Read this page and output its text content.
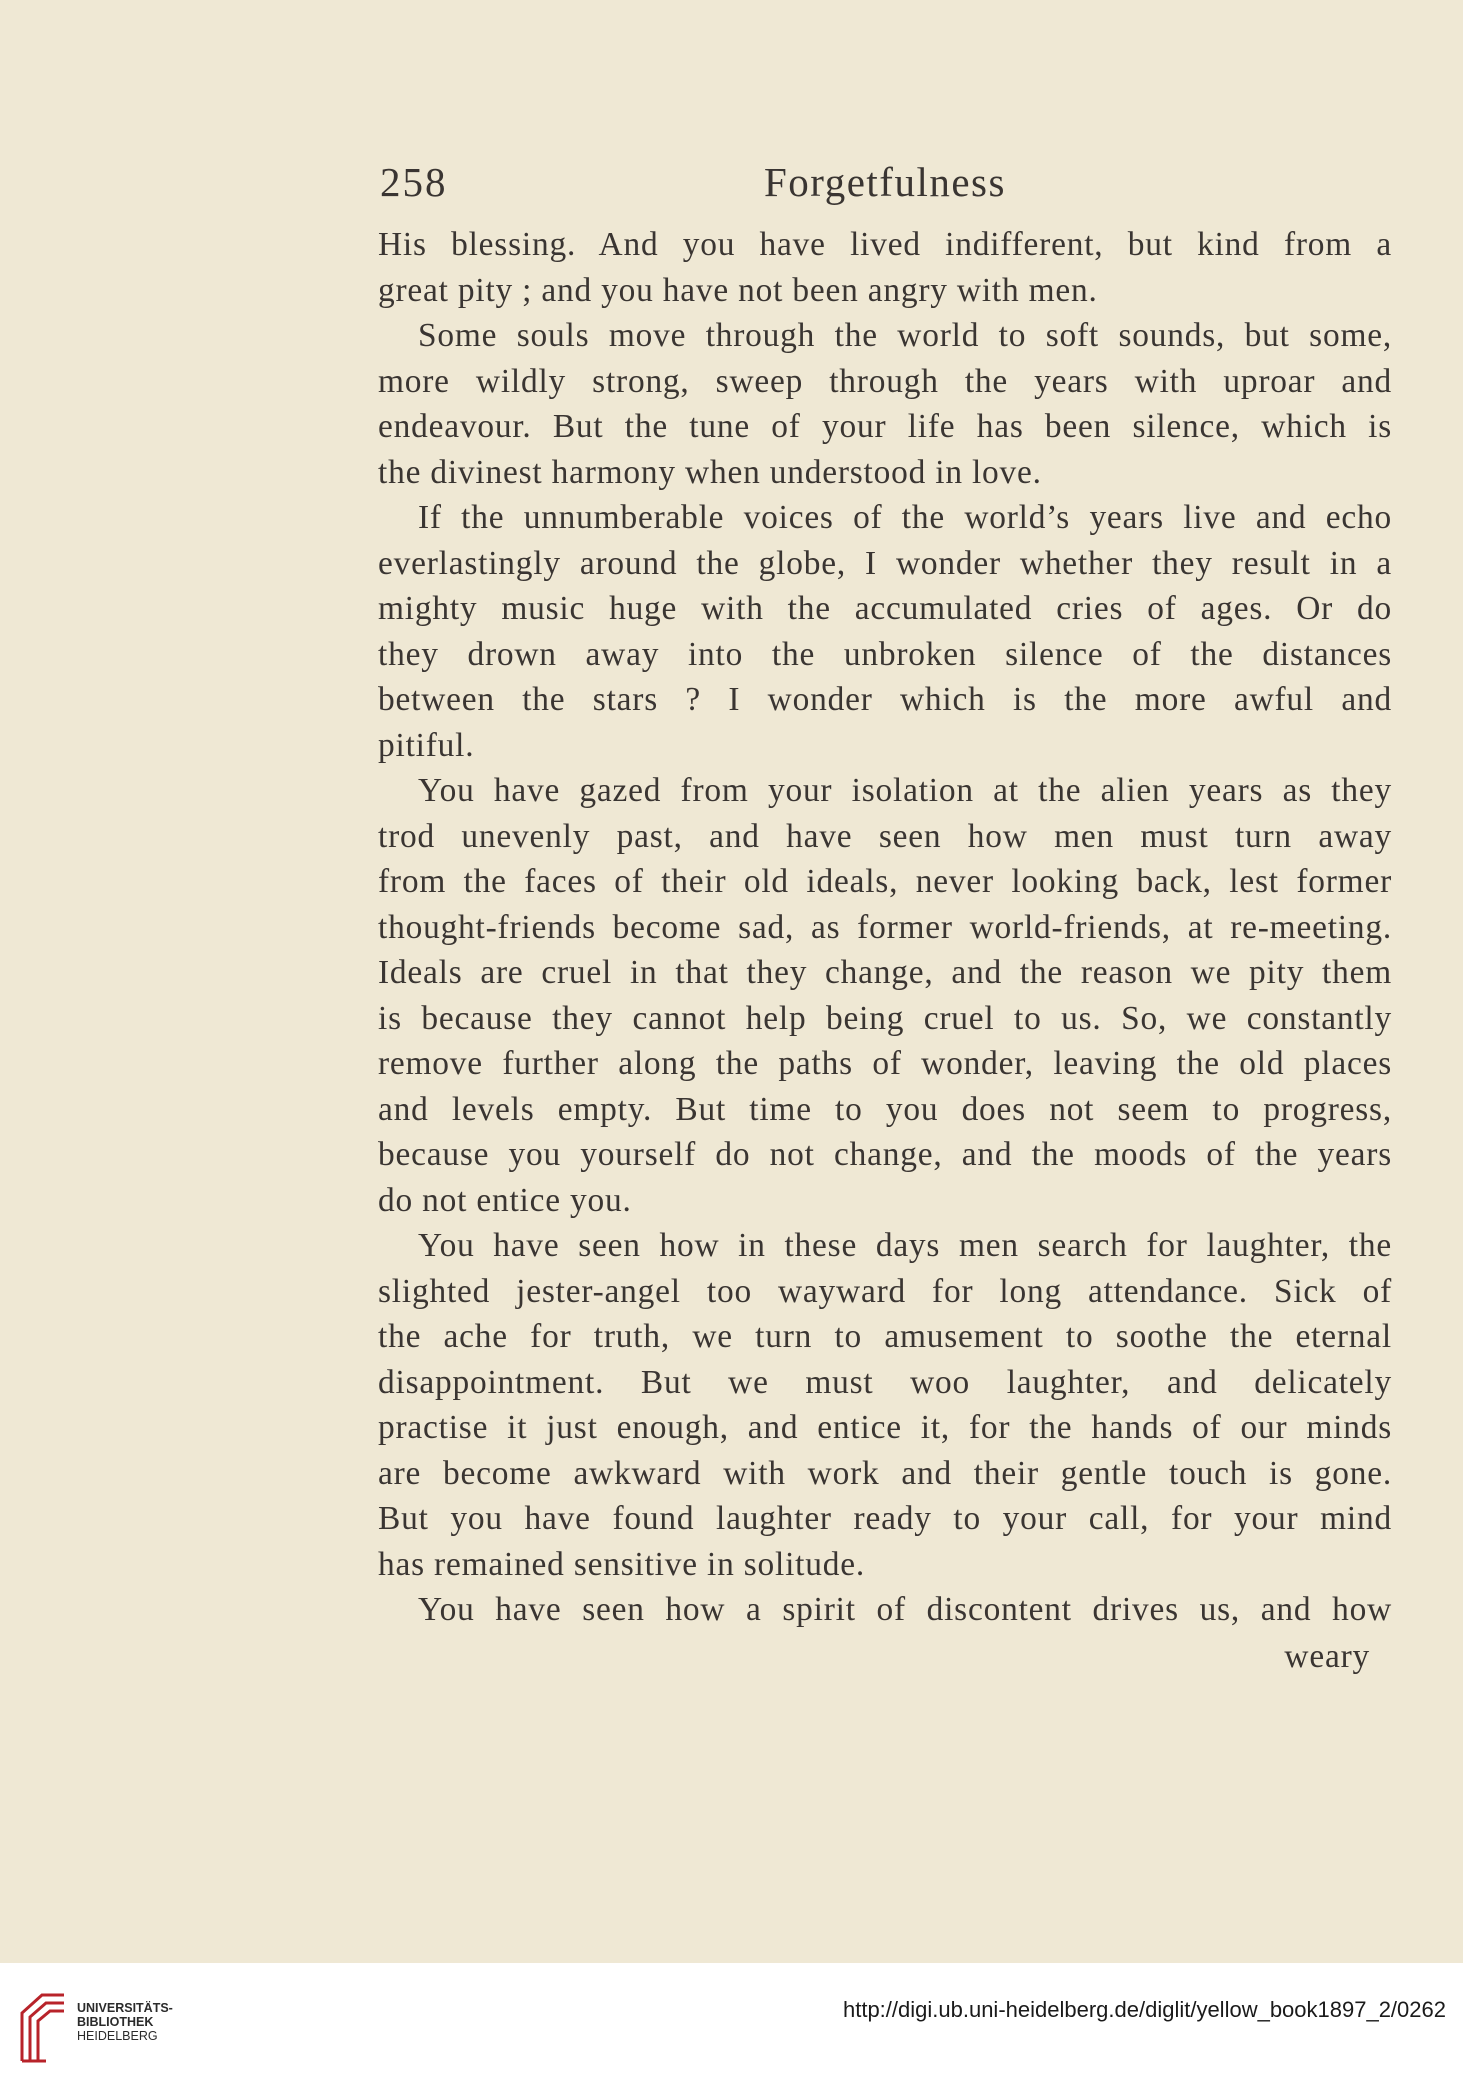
258	Forgetfulness
His blessing. And you have lived indifferent, but kind from a
great pity ; and you have not been angry with men.
Some souls move through the world to soft sounds, but some,
more wildly strong, sweep through the years with uproar and
endeavour. But the tune of your life has been silence, which is
the divinest harmony when understood in love.
If the unnumberable voices of the world’s years live and echo
everlastingly around the globe, I wonder whether they result in a
mighty music huge with the accumulated cries of ages. Or do
they drown away into the unbroken silence of the distances
between the stars ? I wonder which is the more awful and
pitiful.
You have gazed from your isolation at the alien years as they
trod unevenly past, and have seen how men must turn away
from the faces of their old ideals, never looking back, lest former
thought-friends become sad, as former world-friends, at re-meeting.
Ideals are cruel in that they change, and the reason we pity them
is because they cannot help being cruel to us. So, we constantly
remove further along the paths of wonder, leaving the old places
and levels empty. But time to you does not seem to progress,
because you yourself do not change, and the moods of the years
do not entice you.
You have seen how in these days men search for laughter, the
slighted jester-angel too wayward for long attendance. Sick of
the ache for truth, we turn to amusement to soothe the eternal
disappointment. But we must woo laughter, and delicately
practise it just enough, and entice it, for the hands of our minds
are become awkward with work and their gentle touch is gone.
But you have found laughter ready to your call, for your mind
has remained sensitive in solitude.
You have seen how a spirit of discontent drives us, and how
weary
UNIVERSITÄTS-
BIBLIOTHEK
HEIDELBERG
http://digi.ub.uni-heidelberg.de/diglit/yellow_book1897_2/0262
